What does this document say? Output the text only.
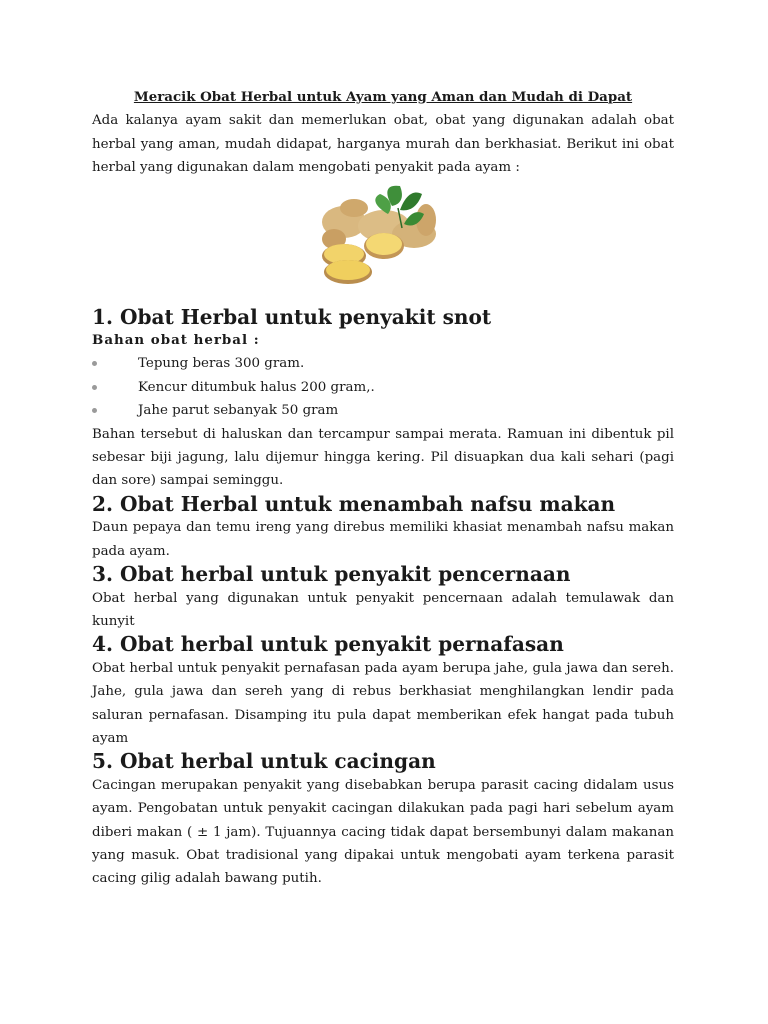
Meracik Obat Herbal untuk Ayam yang Aman dan Mudah di Dapat

Ada kalanya ayam sakit dan memerlukan obat, obat yang digunakan adalah obat herbal yang aman, mudah didapat, harganya murah dan berkhasiat. Berikut ini obat herbal yang digunakan dalam mengobati penyakit pada ayam :

1. Obat Herbal untuk penyakit snot
Bahan obat herbal :
Tepung beras 300 gram.
Kencur ditumbuk halus 200 gram,.
Jahe parut sebanyak 50 gram

Bahan tersebut di haluskan dan tercampur sampai merata. Ramuan ini dibentuk pil sebesar biji jagung, lalu dijemur hingga kering. Pil disuapkan dua kali sehari (pagi dan sore) sampai seminggu.

2. Obat Herbal untuk menambah nafsu makan

Daun pepaya dan temu ireng yang direbus memiliki khasiat menambah nafsu makan pada ayam.

3. Obat herbal untuk penyakit pencernaan

Obat herbal yang digunakan untuk penyakit pencernaan adalah temulawak dan kunyit

4. Obat herbal untuk penyakit pernafasan

Obat herbal untuk penyakit pernafasan pada ayam berupa jahe, gula jawa dan sereh. Jahe, gula jawa dan sereh yang di rebus berkhasiat menghilangkan lendir pada saluran pernafasan. Disamping itu pula dapat memberikan efek hangat pada tubuh ayam

5. Obat herbal untuk cacingan

Cacingan merupakan penyakit yang disebabkan berupa parasit cacing didalam usus ayam. Pengobatan untuk penyakit cacingan dilakukan pada pagi hari sebelum ayam diberi makan ( ± 1 jam). Tujuannya cacing tidak dapat bersembunyi dalam makanan yang masuk. Obat tradisional yang dipakai untuk mengobati ayam terkena parasit cacing gilig adalah bawang putih.
